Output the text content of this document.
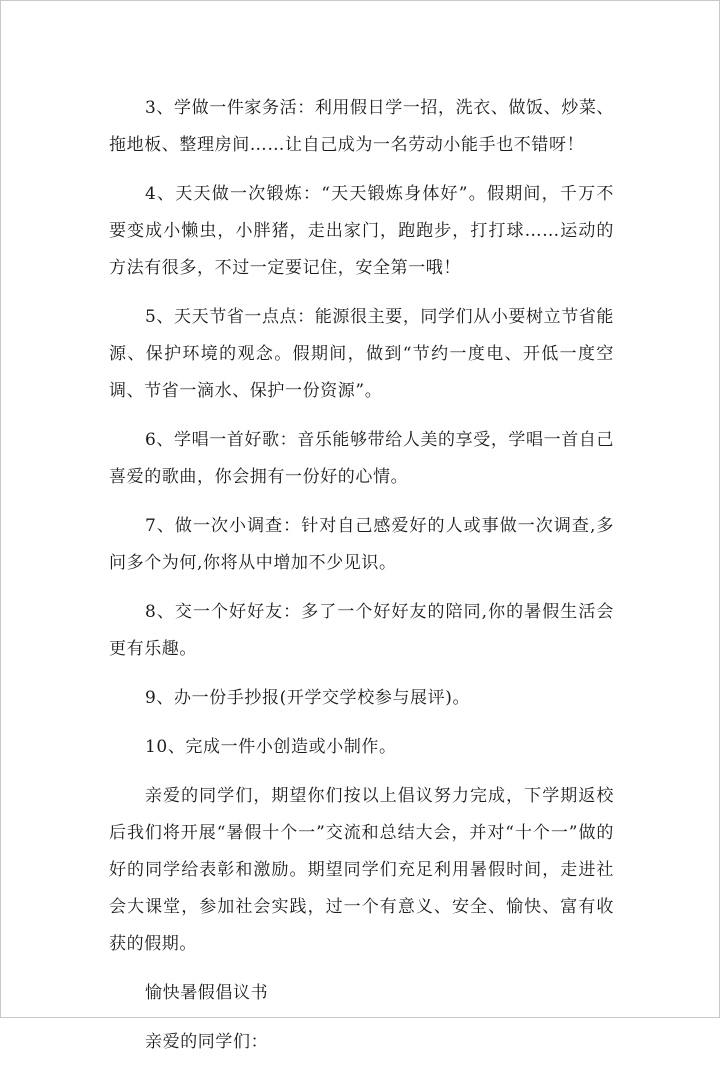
3、学做一件家务活：利用假日学一招，洗衣、做饭、炒菜、拖地板、整理房间……让自己成为一名劳动小能手也不错呀！

4、天天做一次锻炼：“天天锻炼身体好”。假期间，千万不要变成小懒虫，小胖猪，走出家门，跑跑步，打打球……运动的方法有很多，不过一定要记住，安全第一哦！

5、天天节省一点点：能源很主要，同学们从小要树立节省能源、保护环境的观念。假期间，做到“节约一度电、开低一度空调、节省一滴水、保护一份资源”。

6、学唱一首好歌：音乐能够带给人美的享受，学唱一首自己喜爱的歌曲，你会拥有一份好的心情。

7、做一次小调查：针对自己感爱好的人或事做一次调查,多问多个为何,你将从中增加不少见识。

8、交一个好好友：多了一个好好友的陪同,你的暑假生活会更有乐趣。

9、办一份手抄报(开学交学校参与展评)。

10、完成一件小创造或小制作。

亲爱的同学们，期望你们按以上倡议努力完成，下学期返校后我们将开展“暑假十个一”交流和总结大会，并对“十个一”做的好的同学给表彰和激励。期望同学们充足利用暑假时间，走进社会大课堂，参加社会实践，过一个有意义、安全、愉快、富有收获的假期。

愉快暑假倡议书

亲爱的同学们：
